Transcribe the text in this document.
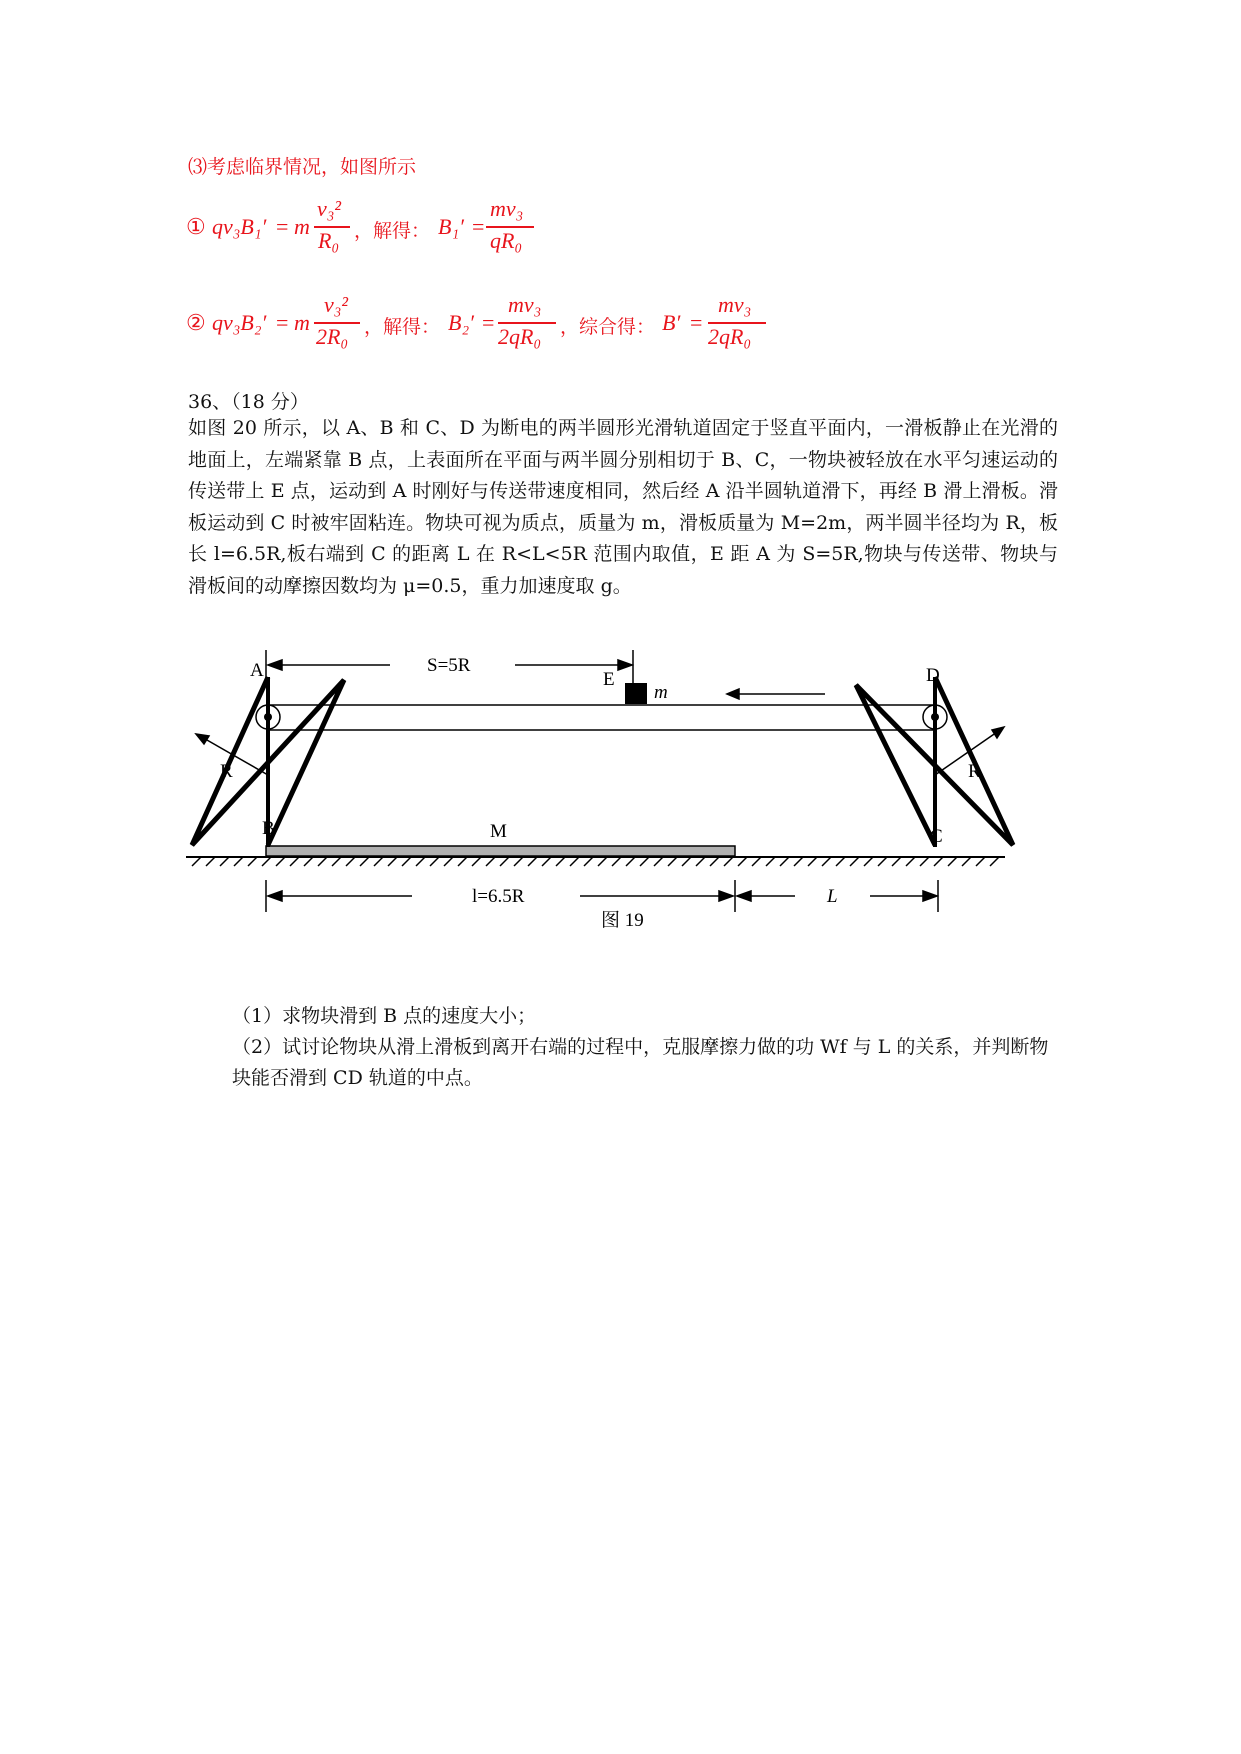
⑶考虑临界情况，如图所示
① qv₃B₁′ = m
v₃²
R₀ ，解得： B₁′ =
mv₃
qR₀
② qv₃B₂′ = m
v₃²
2R₀ ，解得： B₂′ =
mv₃
2qR₀ ，综合得： B′ =
mv₃
2qR₀
36、（18 分）

如图 20 所示，以 A、B 和 C、D 为断电的两半圆形光滑轨道固定于竖直平面内，一滑板静止在光滑的地面上，左端紧靠 B 点，上表面所在平面与两半圆分别相切于 B、C，一物块被轻放在水平匀速运动的传送带上 E 点，运动到 A 时刚好与传送带速度相同，然后经 A 沿半圆轨道滑下，再经 B 滑上滑板。滑板运动到 C 时被牢固粘连。物块可视为质点，质量为 m，滑板质量为 M=2m，两半圆半径均为 R，板长 l=6.5R,板右端到 C 的距离 L 在 R<L<5R 范围内取值，E 距 A 为 S=5R,物块与传送带、物块与滑板间的动摩擦因数均为 μ=0.5，重力加速度取 g。

A
B	C
D
E
R	R
m
M
S=5R
l=6.5R	L
图 19

（1）求物块滑到 B 点的速度大小；

（2）试讨论物块从滑上滑板到离开右端的过程中，克服摩擦力做的功 Wf 与 L 的关系，并判断物块能否滑到 CD 轨道的中点。
